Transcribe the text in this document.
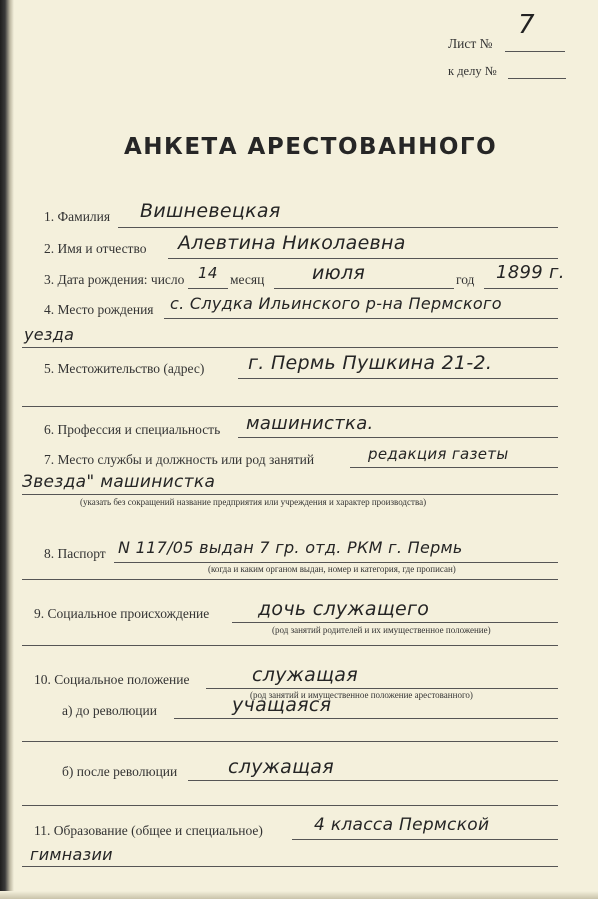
Лист №
7
к делу №
АНКЕТА АРЕСТОВАННОГО
1. Фамилия Вишневецкая
2. Имя и отчество Алевтина Николаевна
3. Дата рождения: число 14 месяц	июля	год 1899 г.
4. Место рождения с. Слудка Ильинского р-на Пермского
уезда
5. Местожительство (адрес) г. Пермь Пушкина 21-2.
6. Профессия и специальность машинистка.
7. Место службы и должность или род занятий	редакция газеты
Звезда" машинистка
(указать без сокращений название предприятия или учреждения и характер производства)
8. Паспорт N 117/05 выдан 7 гр. отд. РКМ г. Пермь
(когда и каким органом выдан, номер и категория, где прописан)
9. Социальное происхождение	дочь служащего
(род занятий родителей и их имущественное положение)
10. Социальное положение	служащая
(род занятий и имущественное положение арестованного)
а) до революции	учащаяся
б) после революции	служащая
11. Образование (общее и специальное)	4 класса Пермской
гимназии
